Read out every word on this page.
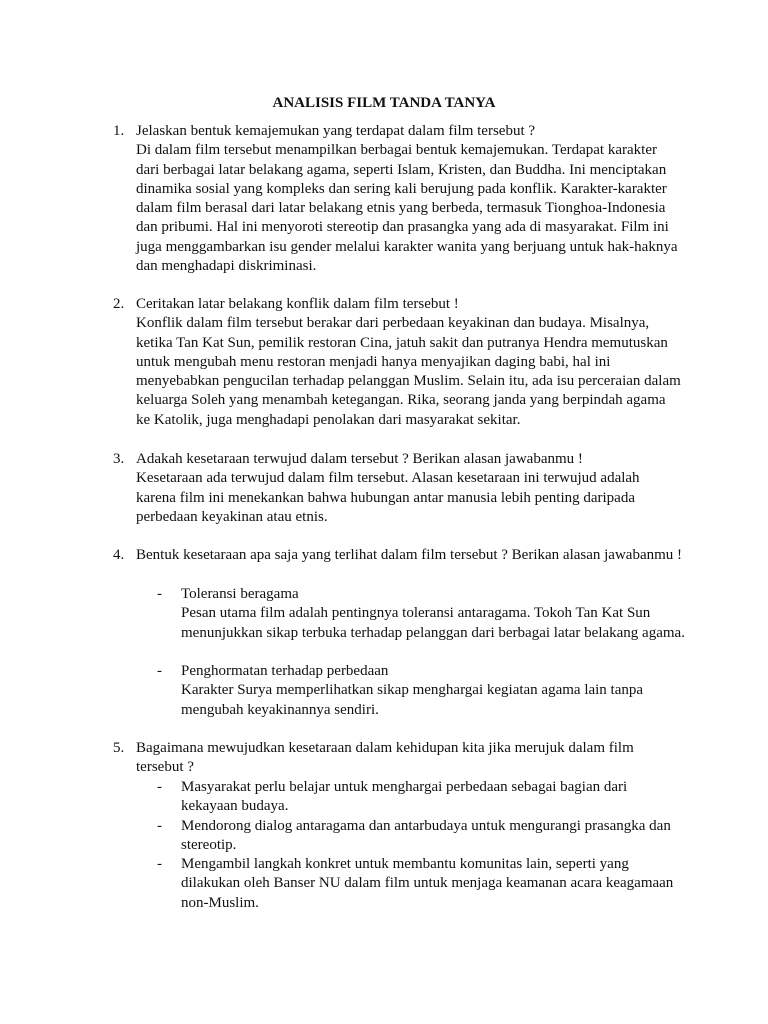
ANALISIS FILM TANDA TANYA
1. Jelaskan bentuk kemajemukan yang terdapat dalam film tersebut ?

Di dalam film tersebut menampilkan berbagai bentuk kemajemukan. Terdapat karakter dari berbagai latar belakang agama, seperti Islam, Kristen, dan Buddha. Ini menciptakan dinamika sosial yang kompleks dan sering kali berujung pada konflik. Karakter-karakter dalam film berasal dari latar belakang etnis yang berbeda, termasuk Tionghoa-Indonesia dan pribumi. Hal ini menyoroti stereotip dan prasangka yang ada di masyarakat. Film ini juga menggambarkan isu gender melalui karakter wanita yang berjuang untuk hak-haknya dan menghadapi diskriminasi.

2. Ceritakan latar belakang konflik dalam film tersebut !

Konflik dalam film tersebut berakar dari perbedaan keyakinan dan budaya. Misalnya, ketika Tan Kat Sun, pemilik restoran Cina, jatuh sakit dan putranya Hendra memutuskan untuk mengubah menu restoran menjadi hanya menyajikan daging babi, hal ini menyebabkan pengucilan terhadap pelanggan Muslim. Selain itu, ada isu perceraian dalam keluarga Soleh yang menambah ketegangan. Rika, seorang janda yang berpindah agama ke Katolik, juga menghadapi penolakan dari masyarakat sekitar.

3. Adakah kesetaraan terwujud dalam tersebut ? Berikan alasan jawabanmu !

Kesetaraan ada terwujud dalam film tersebut. Alasan kesetaraan ini terwujud adalah karena film ini menekankan bahwa hubungan antar manusia lebih penting daripada perbedaan keyakinan atau etnis.

4. Bentuk kesetaraan apa saja yang terlihat dalam film tersebut ? Berikan alasan jawabanmu !

- Toleransi beragama

Pesan utama film adalah pentingnya toleransi antaragama. Tokoh Tan Kat Sun menunjukkan sikap terbuka terhadap pelanggan dari berbagai latar belakang agama.

- Penghormatan terhadap perbedaan

Karakter Surya memperlihatkan sikap menghargai kegiatan agama lain tanpa mengubah keyakinannya sendiri.

5. Bagaimana mewujudkan kesetaraan dalam kehidupan kita jika merujuk dalam film tersebut ?

- Masyarakat perlu belajar untuk menghargai perbedaan sebagai bagian dari kekayaan budaya.

- Mendorong dialog antaragama dan antarbudaya untuk mengurangi prasangka dan stereotip.

- Mengambil langkah konkret untuk membantu komunitas lain, seperti yang dilakukan oleh Banser NU dalam film untuk menjaga keamanan acara keagamaan non-Muslim.
